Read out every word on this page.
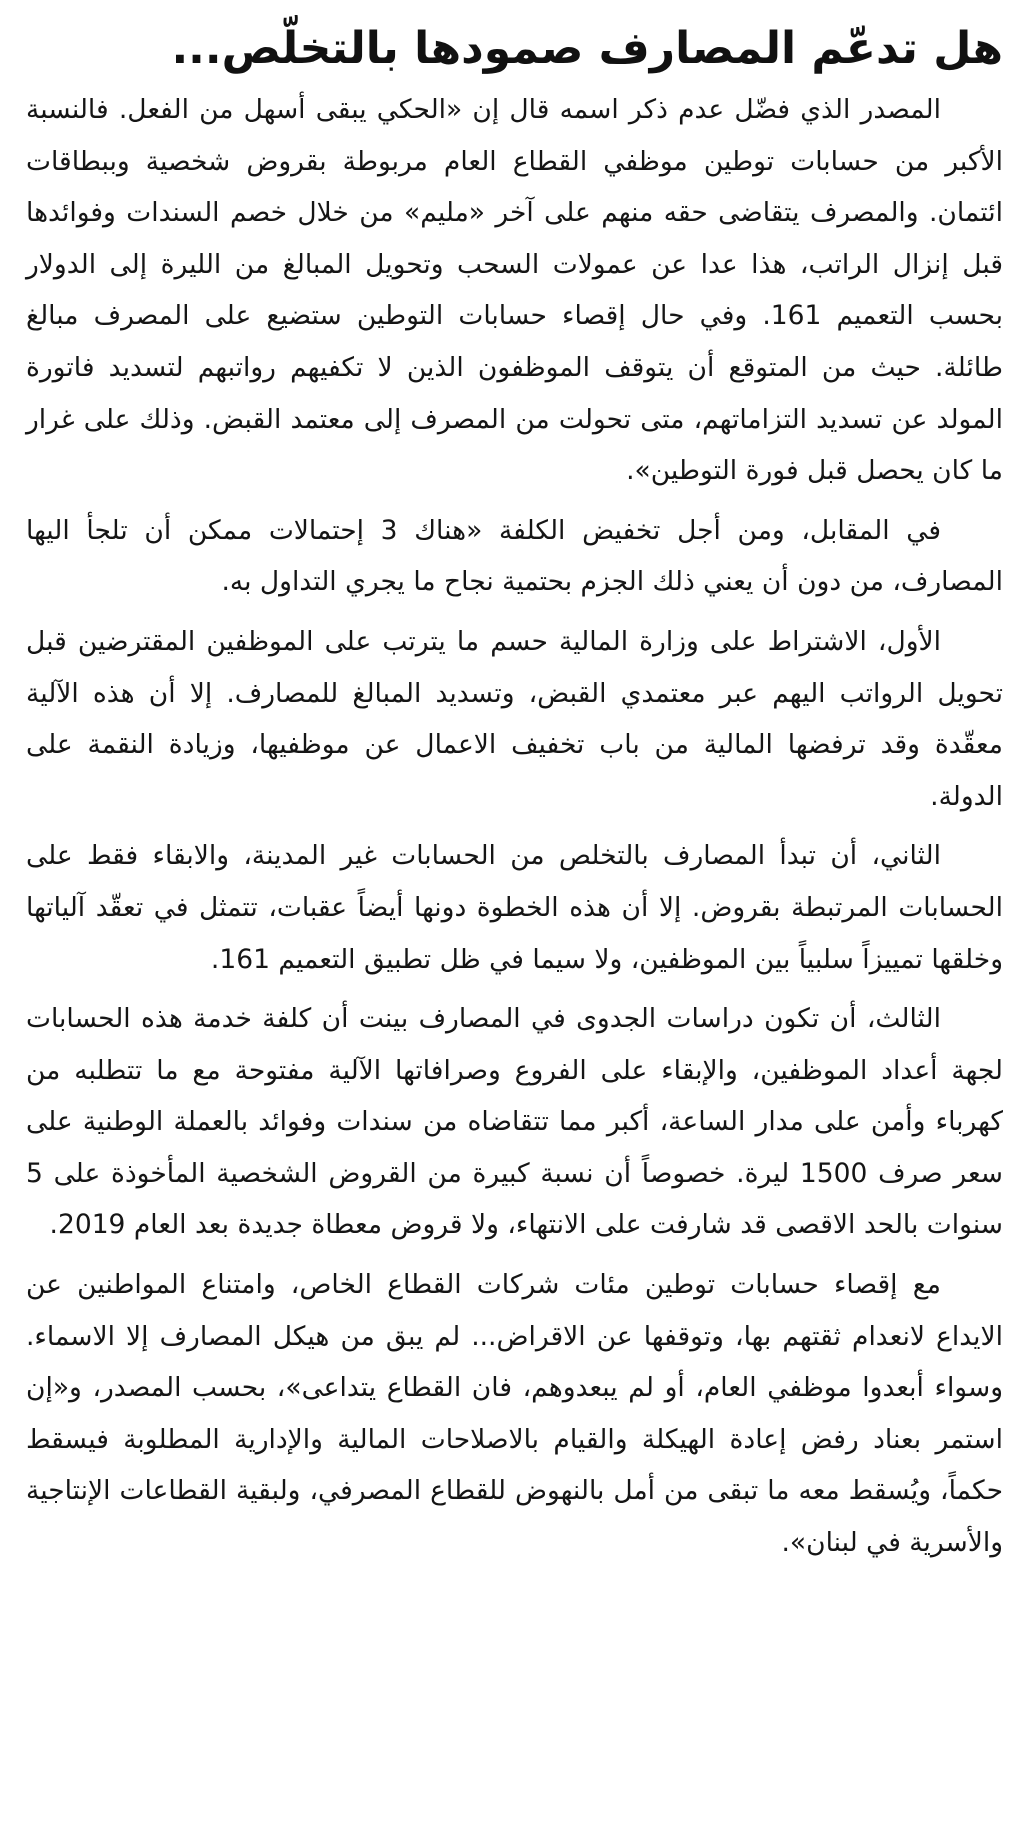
هل تدعّم المصارف صمودها بالتخلّص...

المصدر الذي فضّل عدم ذكر اسمه قال إن «الحكي يبقى أسهل من الفعل. فالنسبة الأكبر من حسابات توطين موظفي القطاع العام مربوطة بقروض شخصية وببطاقات ائتمان. والمصرف يتقاضى حقه منهم على آخر «مليم» من خلال خصم السندات وفوائدها قبل إنزال الراتب، هذا عدا عن عمولات السحب وتحويل المبالغ من الليرة إلى الدولار بحسب التعميم 161. وفي حال إقصاء حسابات التوطين ستضيع على المصرف مبالغ طائلة. حيث من المتوقع أن يتوقف الموظفون الذين لا تكفيهم رواتبهم لتسديد فاتورة المولد عن تسديد التزاماتهم، متى تحولت من المصرف إلى معتمد القبض. وذلك على غرار ما كان يحصل قبل فورة التوطين».

في المقابل، ومن أجل تخفيض الكلفة «هناك 3 إحتمالات ممكن أن تلجأ اليها المصارف، من دون أن يعني ذلك الجزم بحتمية نجاح ما يجري التداول به.

الأول، الاشتراط على وزارة المالية حسم ما يترتب على الموظفين المقترضين قبل تحويل الرواتب اليهم عبر معتمدي القبض، وتسديد المبالغ للمصارف. إلا أن هذه الآلية معقّدة وقد ترفضها المالية من باب تخفيف الاعمال عن موظفيها، وزيادة النقمة على الدولة.

الثاني، أن تبدأ المصارف بالتخلص من الحسابات غير المدينة، والابقاء فقط على الحسابات المرتبطة بقروض. إلا أن هذه الخطوة دونها أيضاً عقبات، تتمثل في تعقّد آلياتها وخلقها تمييزاً سلبياً بين الموظفين، ولا سيما في ظل تطبيق التعميم 161.

الثالث، أن تكون دراسات الجدوى في المصارف بينت أن كلفة خدمة هذه الحسابات لجهة أعداد الموظفين، والإبقاء على الفروع وصرافاتها الآلية مفتوحة مع ما تتطلبه من كهرباء وأمن على مدار الساعة، أكبر مما تتقاضاه من سندات وفوائد بالعملة الوطنية على سعر صرف 1500 ليرة. خصوصاً أن نسبة كبيرة من القروض الشخصية المأخوذة على 5 سنوات بالحد الاقصى قد شارفت على الانتهاء، ولا قروض معطاة جديدة بعد العام 2019.

مع إقصاء حسابات توطين مئات شركات القطاع الخاص، وامتناع المواطنين عن الايداع لانعدام ثقتهم بها، وتوقفها عن الاقراض... لم يبق من هيكل المصارف إلا الاسماء. وسواء أبعدوا موظفي العام، أو لم يبعدوهم، فان القطاع يتداعى»، بحسب المصدر، و«إن استمر بعناد رفض إعادة الهيكلة والقيام بالاصلاحات المالية والإدارية المطلوبة فيسقط حكماً، ويُسقط معه ما تبقى من أمل بالنهوض للقطاع المصرفي، ولبقية القطاعات الإنتاجية والأسرية في لبنان».
